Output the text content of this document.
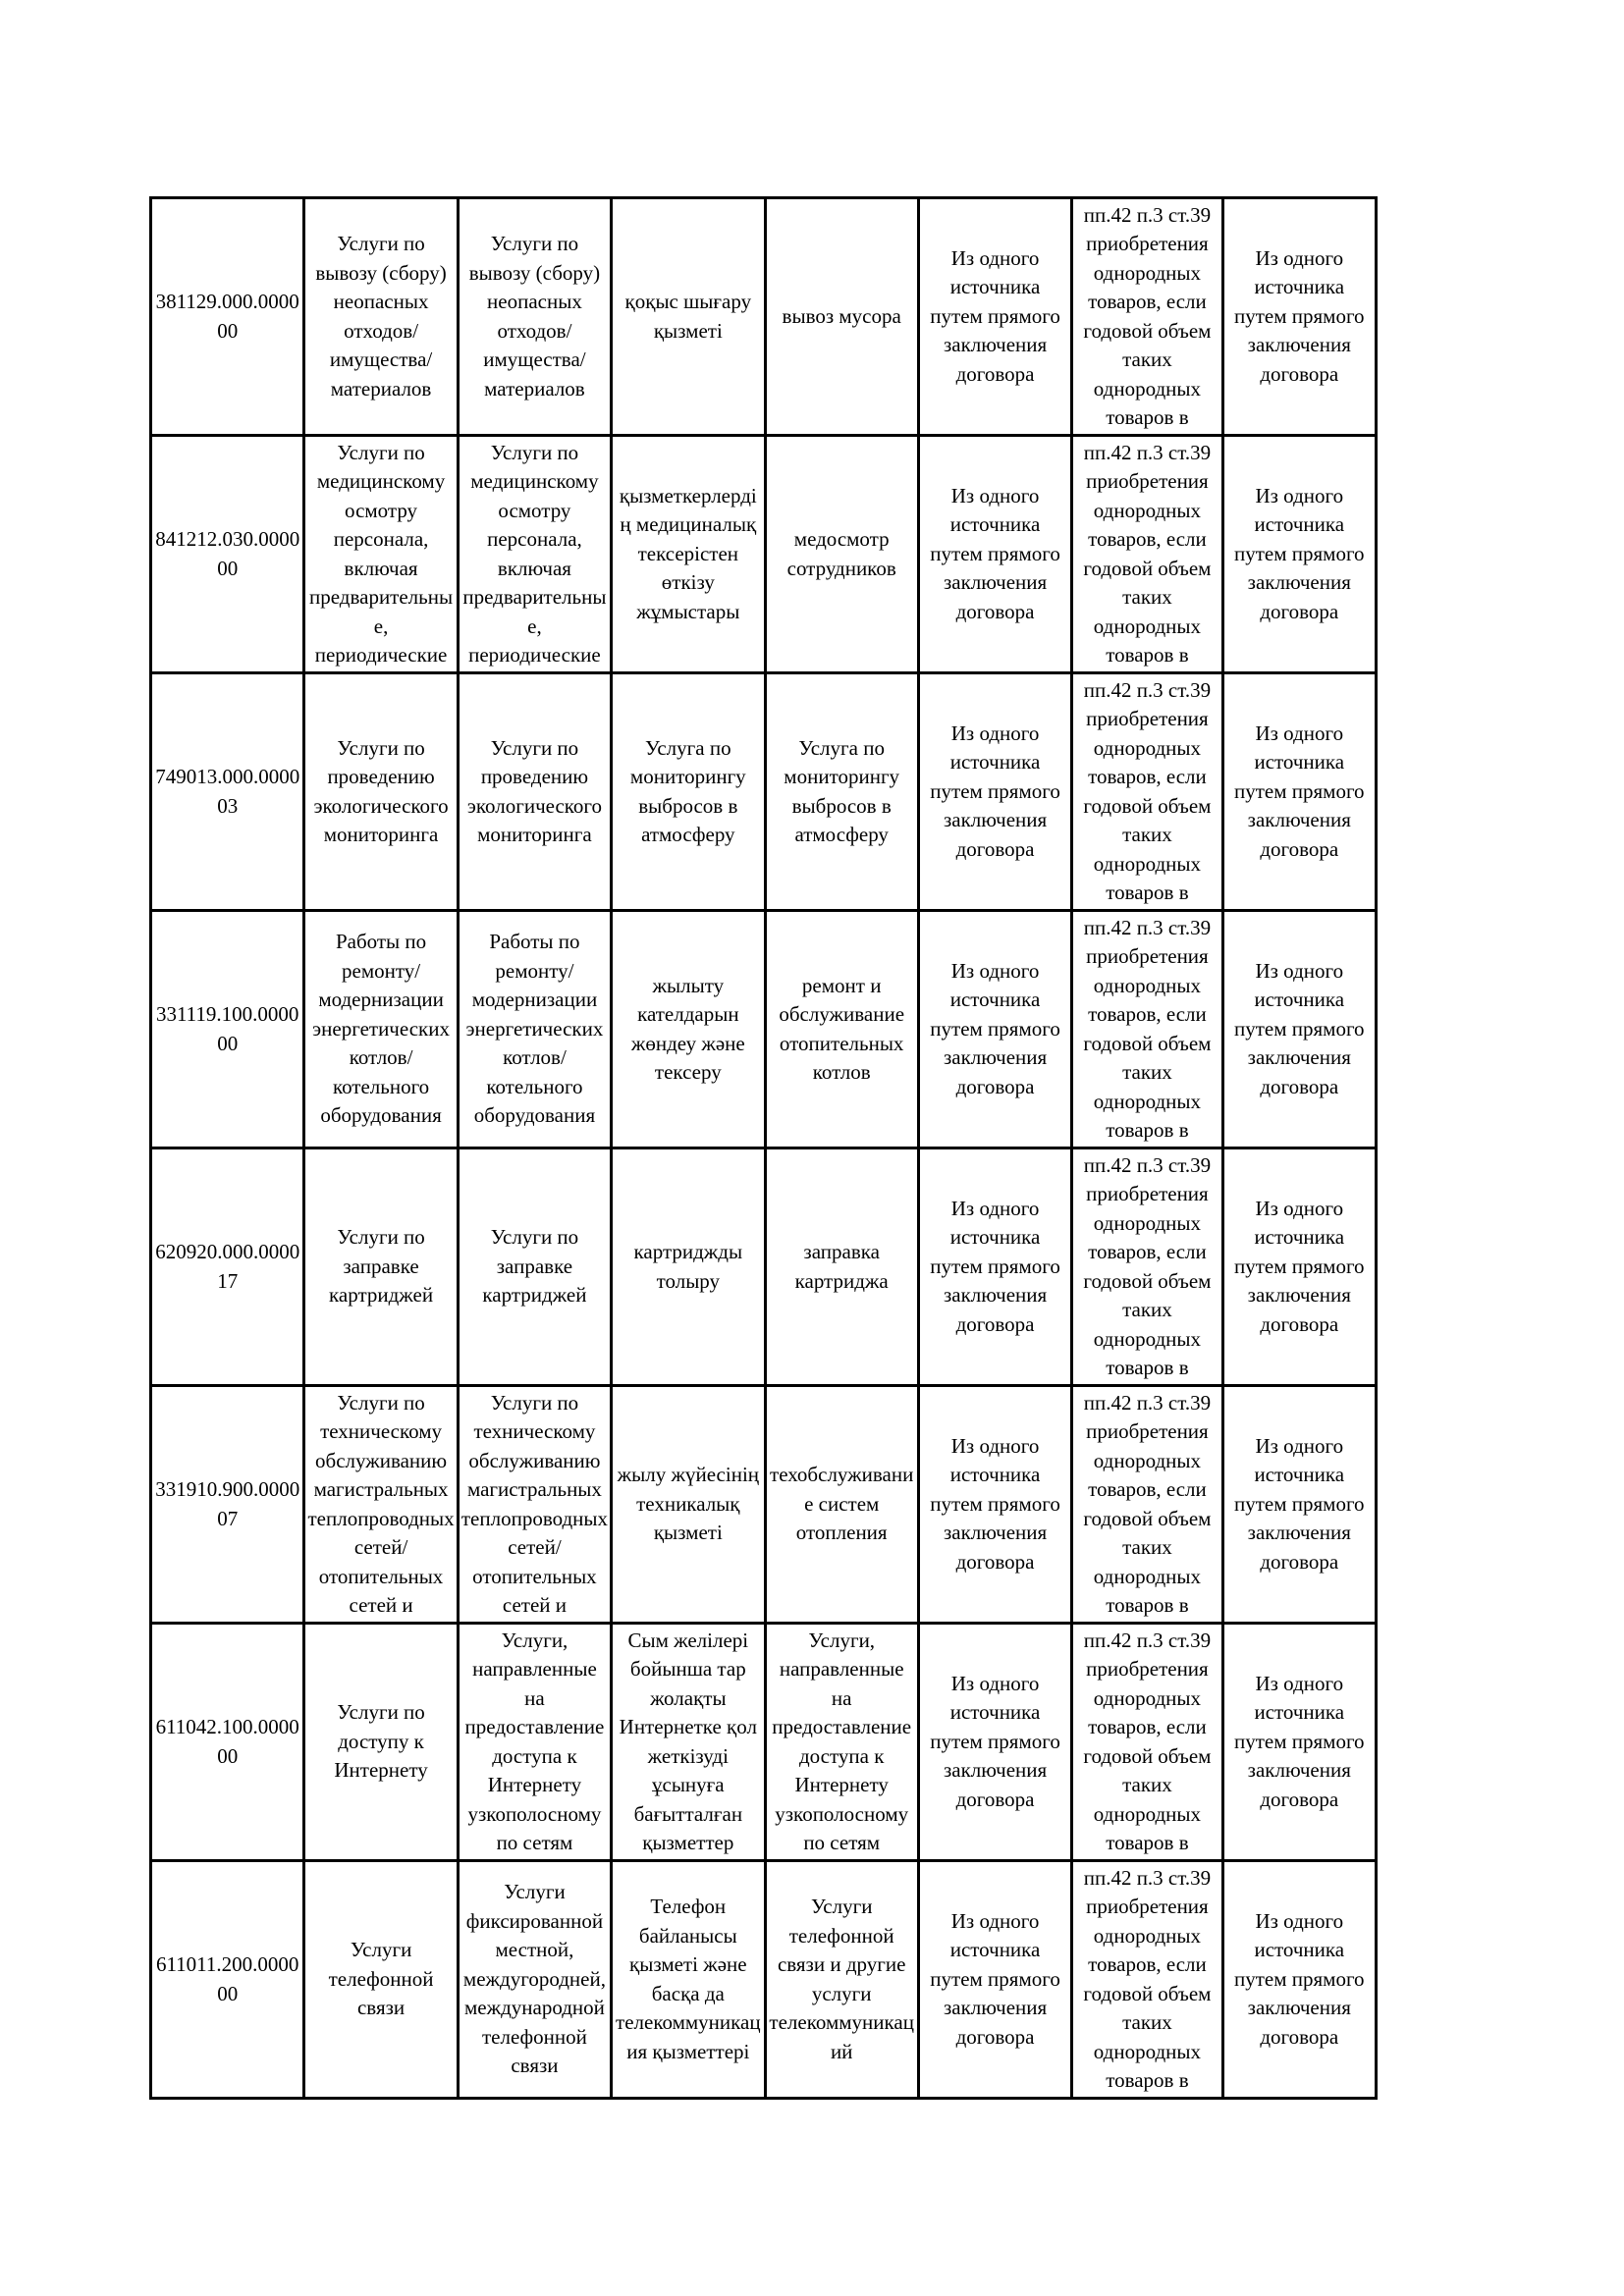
381129.000.000000	Услуги по вывозу (сбору) неопасных отходов/имущества/материалов	Услуги по вывозу (сбору) неопасных отходов/имущества/материалов	қоқыс шығару қызметі	вывоз мусора	Из одного источника путем прямого заключения договора	пп.42 п.3 ст.39 приобретения однородных товаров, если годовой объем таких однородных товаров в	Из одного источника путем прямого заключения договора

841212.030.000000	Услуги по медицинскому осмотру персонала, включая предварительные, периодические	Услуги по медицинскому осмотру персонала, включая предварительные, периодические	қызметкерлердің медициналық тексерістен өткізу жұмыстары	медосмотр сотрудников	Из одного источника путем прямого заключения договора	пп.42 п.3 ст.39 приобретения однородных товаров, если годовой объем таких однородных товаров в	Из одного источника путем прямого заключения договора

749013.000.000003	Услуги по проведению экологического мониторинга	Услуги по проведению экологического мониторинга	Услуга по мониторингу выбросов в атмосферу	Услуга по мониторингу выбросов в атмосферу	Из одного источника путем прямого заключения договора	пп.42 п.3 ст.39 приобретения однородных товаров, если годовой объем таких однородных товаров в	Из одного источника путем прямого заключения договора

331119.100.000000	Работы по ремонту/модернизации энергетических котлов/котельного оборудования	Работы по ремонту/модернизации энергетических котлов/котельного оборудования	жылыту кателдарын жөндеу және тексеру	ремонт и обслуживание отопительных котлов	Из одного источника путем прямого заключения договора	пп.42 п.3 ст.39 приобретения однородных товаров, если годовой объем таких однородных товаров в	Из одного источника путем прямого заключения договора

620920.000.000017	Услуги по заправке картриджей	Услуги по заправке картриджей	картриджды толыру	заправка картриджа	Из одного источника путем прямого заключения договора	пп.42 п.3 ст.39 приобретения однородных товаров, если годовой объем таких однородных товаров в	Из одного источника путем прямого заключения договора

331910.900.000007	Услуги по техническому обслуживанию магистральных теплопроводных сетей/отопительных сетей и	Услуги по техническому обслуживанию магистральных теплопроводных сетей/отопительных сетей и	жылу жүйесінің техникалық қызметі	техобслуживание систем отопления	Из одного источника путем прямого заключения договора	пп.42 п.3 ст.39 приобретения однородных товаров, если годовой объем таких однородных товаров в	Из одного источника путем прямого заключения договора

611042.100.000000	Услуги по доступу к Интернету	Услуги, направленные на предоставление доступа к Интернету узкополосному по сетям	Сым желілері бойынша тар жолақты Интернетке қол жеткізуді ұсынуға бағытталған қызметтер	Услуги, направленные на предоставление доступа к Интернету узкополосному по сетям	Из одного источника путем прямого заключения договора	пп.42 п.3 ст.39 приобретения однородных товаров, если годовой объем таких однородных товаров в	Из одного источника путем прямого заключения договора

611011.200.000000	Услуги телефонной связи	Услуги фиксированной местной, междугородней, международной телефонной связи	Телефон байланысы қызметі және басқа да телекоммуникация қызметтері	Услуги телефонной связи и другие услуги телекоммуникаций	Из одного источника путем прямого заключения договора	пп.42 п.3 ст.39 приобретения однородных товаров, если годовой объем таких однородных товаров в	Из одного источника путем прямого заключения договора
